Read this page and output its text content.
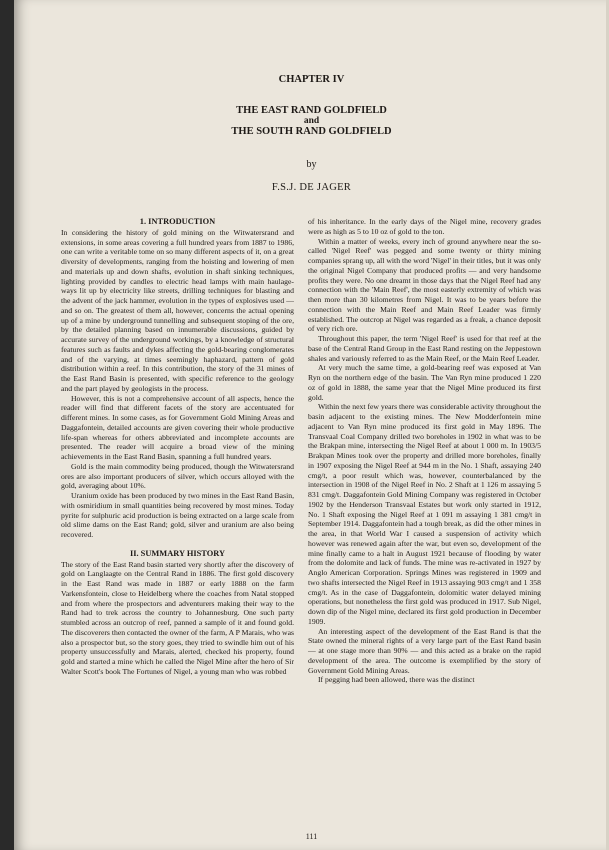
CHAPTER IV
THE EAST RAND GOLDFIELD
and
THE SOUTH RAND GOLDFIELD
by
F.S.J. DE JAGER
1. INTRODUCTION

In considering the history of gold mining on the Witwatersrand and extensions, in some areas covering a full hundred years from 1887 to 1986, one can write a veritable tome on so many different aspects of it, on a great diversity of developments, ranging from the hoisting and lowering of men and materials up and down shafts, evolution in shaft sinking techniques, lighting provided by candles to electric head lamps with main haulage-ways lit up by electricity like streets, drilling techniques for blasting and the advent of the jack hammer, evolution in the types of explosives used — and so on. The greatest of them all, however, concerns the actual opening up of a mine by underground tunnelling and subsequent stoping of the ore, by the detailed planning based on innumerable discussions, guided by accurate survey of the underground workings, by a knowledge of structural features such as faults and dykes affecting the gold-bearing conglomerates and of the varying, at times seemingly haphazard, pattern of gold distribution within a reef. In this contribution, the story of the 31 mines of the East Rand Basin is presented, with specific reference to the geology and the part played by geologists in the process.

However, this is not a comprehensive account of all aspects, hence the reader will find that different facets of the story are accentuated for different mines. In some cases, as for Government Gold Mining Areas and Daggafontein, detailed accounts are given covering their whole productive life-span whereas for others abbreviated and incomplete accounts are presented. The reader will acquire a broad view of the mining achievements in the East Rand Basin, spanning a full hundred years.

Gold is the main commodity being produced, though the Witwatersrand ores are also important producers of silver, which occurs alloyed with the gold, averaging about 10%.

Uranium oxide has been produced by two mines in the East Rand Basin, with osmiridium in small quantities being recovered by most mines. Today pyrite for sulphuric acid production is being extracted on a large scale from old slime dams on the East Rand; gold, silver and uranium are also being recovered.

II. SUMMARY HISTORY

The story of the East Rand basin started very shortly after the discovery of gold on Langlaagte on the Central Rand in 1886. The first gold discovery in the East Rand was made in 1887 or early 1888 on the farm Varkensfontein, close to Heidelberg where the coaches from Natal stopped and from where the prospectors and adventurers making their way to the Rand had to trek across the country to Johannesburg. One such party stumbled across an outcrop of reef, panned a sample of it and found gold. The discoverers then contacted the owner of the farm, A P Marais, who was also a prospector but, so the story goes, they tried to swindle him out of his property unsuccessfully and Marais, alerted, checked his property, found gold and started a mine which he called the Nigel Mine after the hero of Sir Walter Scott's book The Fortunes of Nigel, a young man who was robbed

of his inheritance. In the early days of the Nigel mine, recovery grades were as high as 5 to 10 oz of gold to the ton.

Within a matter of weeks, every inch of ground anywhere near the so-called 'Nigel Reef' was pegged and some twenty or thirty mining companies sprang up, all with the word 'Nigel' in their titles, but it was only the original Nigel Company that produced profits — and very handsome profits they were. No one dreamt in those days that the Nigel Reef had any connection with the 'Main Reef', the most easterly extremity of which was then more than 30 kilometres from Nigel. It was to be years before the connection with the Main Reef and Main Reef Leader was firmly established. The outcrop at Nigel was regarded as a freak, a chance deposit of very rich ore.

Throughout this paper, the term 'Nigel Reef' is used for that reef at the base of the Central Rand Group in the East Rand resting on the Jeppestown shales and variously referred to as the Main Reef, or the Main Reef Leader.

At very much the same time, a gold-bearing reef was exposed at Van Ryn on the northern edge of the basin. The Van Ryn mine produced 1 220 oz of gold in 1888, the same year that the Nigel Mine produced its first gold.

Within the next few years there was considerable activity throughout the basin adjacent to the existing mines. The New Modderfontein mine adjacent to Van Ryn mine produced its first gold in May 1896. The Transvaal Coal Company drilled two boreholes in 1902 in what was to be the Brakpan mine, intersecting the Nigel Reef at about 1 000 m. In 1903/5 Brakpan Mines took over the property and drilled more boreholes, finally in 1907 exposing the Nigel Reef at 944 m in the No. 1 Shaft, assaying 240 cmg/t, a poor result which was, however, counterbalanced by the intersection in 1908 of the Nigel Reef in No. 2 Shaft at 1 126 m assaying 5 831 cmg/t. Daggafontein Gold Mining Company was registered in October 1902 by the Henderson Transvaal Estates but work only started in 1912, No. 1 Shaft exposing the Nigel Reef at 1 091 m assaying 1 381 cmg/t in September 1914. Daggafontein had a tough break, as did the other mines in the area, in that World War I caused a suspension of activity which however was renewed again after the war, but even so, development of the mine finally came to a halt in August 1921 because of flooding by water from the dolomite and lack of funds. The mine was re-activated in 1927 by Anglo American Corporation. Springs Mines was registered in 1909 and two shafts intersected the Nigel Reef in 1913 assaying 903 cmg/t and 1 358 cmg/t. As in the case of Daggafontein, dolomitic water delayed mining operations, but nonetheless the first gold was produced in 1917. Sub Nigel, down dip of the Nigel mine, declared its first gold production in December 1909.

An interesting aspect of the development of the East Rand is that the State owned the mineral rights of a very large part of the East Rand basin — at one stage more than 90% — and this acted as a brake on the rapid development of the area. The outcome is exemplified by the story of Government Gold Mining Areas.

If pegging had been allowed, there was the distinct

111
